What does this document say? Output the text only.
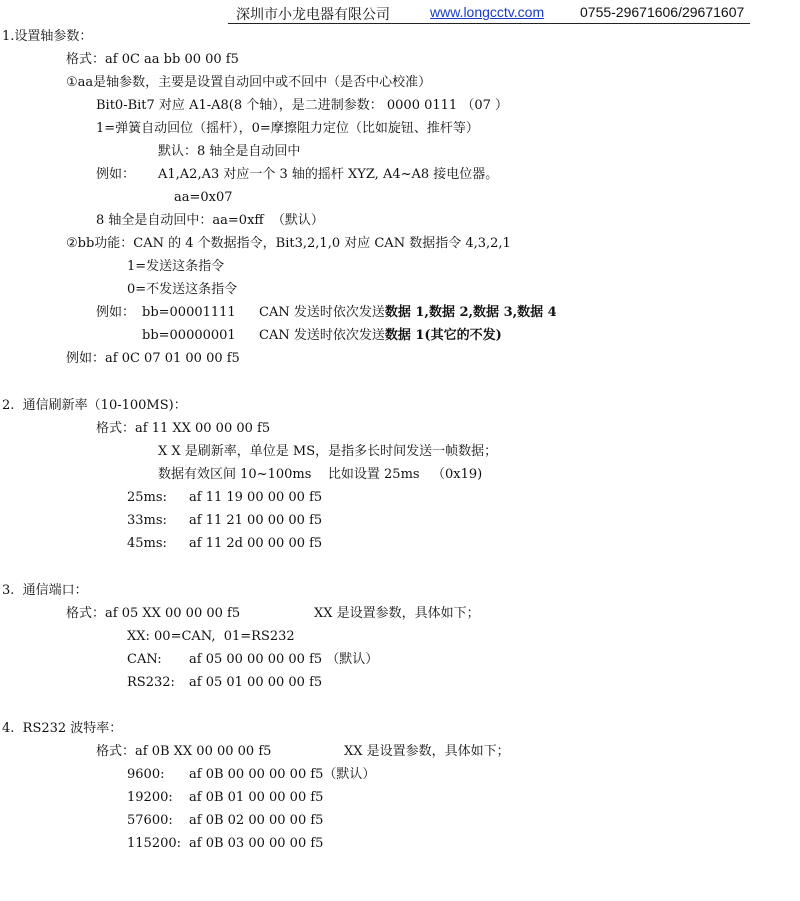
深圳市小龙电器有限公司	www.longcctv.com	0755-29671606/29671607
1.设置轴参数：
格式：af 0C aa bb 00 00 f5
①aa是轴参数，主要是设置自动回中或不回中（是否中心校准）
Bit0-Bit7 对应 A1-A8(8 个轴），是二进制参数： 0000 0111 （07 ）
1=弹簧自动回位（摇杆），0=摩擦阻力定位（比如旋钮、推杆等）
默认：8 轴全是自动回中
例如： A1,A2,A3 对应一个 3 轴的摇杆 XYZ, A4~A8 接电位器。
aa=0x07
8 轴全是自动回中：aa=0xff  （默认）
②bb功能：CAN 的 4 个数据指令，Bit3,2,1,0 对应 CAN 数据指令 4,3,2,1
1=发送这条指令
0=不发送这条指令
例如： bb=00001111 CAN 发送时依次发送数据 1,数据 2,数据 3,数据 4
bb=00000001 CAN 发送时依次发送数据 1(其它的不发)
例如：af 0C 07 01 00 00 f5
2.  通信刷新率（10-100MS)：
格式：af 11 XX 00 00 00 f5
X X 是刷新率，单位是 MS，是指多长时间发送一帧数据；
数据有效区间 10~100ms    比如设置 25ms   （0x19)
25ms: af 11 19 00 00 00 f5
33ms: af 11 21 00 00 00 f5
45ms: af 11 2d 00 00 00 f5
3.  通信端口：
格式：af 05 XX 00 00 00 f5	XX 是设置参数，具体如下；
XX: 00=CAN,  01=RS232
CAN: af 05 00 00 00 00 f5 （默认）
RS232: af 05 01 00 00 00 f5
4.  RS232 波特率：
格式：af 0B XX 00 00 00 f5	XX 是设置参数，具体如下；
9600: af 0B 00 00 00 00 f5（默认）
19200: af 0B 01 00 00 00 f5
57600: af 0B 02 00 00 00 f5
115200: af 0B 03 00 00 00 f5
